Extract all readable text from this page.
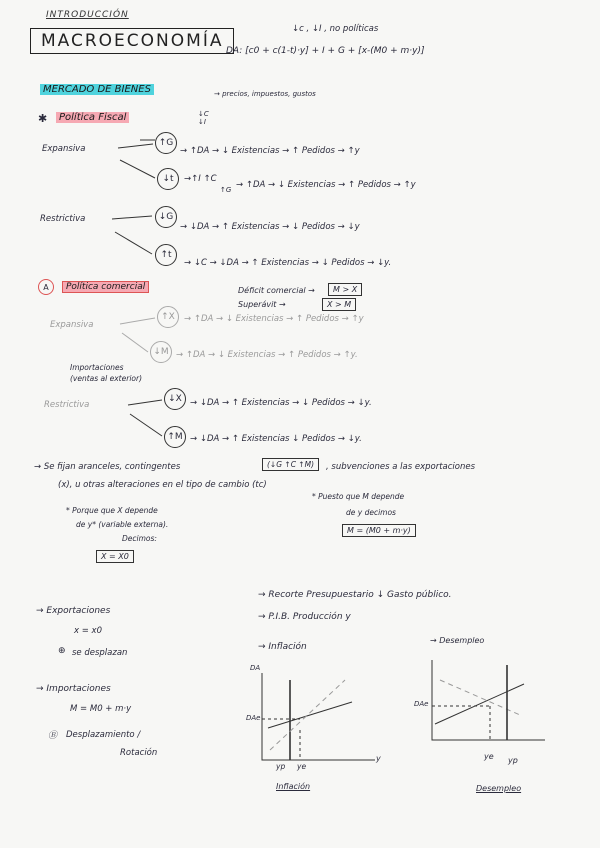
INTRODUCCIÓN
MACROECONOMÍA
↓c , ↓I , no políticas
DA: [c0 + c(1-t)·y] + I + G + [x-(M0 + m·y)]
MERCADO DE BIENES	→ precios, impuestos, gustos
↓C
↓I
✱	Política Fiscal
Expansiva
↑G
→ ↑DA → ↓ Existencias → ↑ Pedidos → ↑y
↓t	→↑I ↑C
↑G → ↑DA → ↓ Existencias → ↑ Pedidos → ↑y
Restrictiva	↓G
→ ↓DA → ↑ Existencias → ↓ Pedidos → ↓y
↑t
→ ↓C → ↓DA → ↑ Existencias → ↓ Pedidos → ↓y.
A	Política comercial	Déficit comercial →	M > X
Superávit →	X > M
Expansiva
↑X	→ ↑DA → ↓ Existencias → ↑ Pedidos → ↑y
↓M → ↑DA → ↓ Existencias → ↑ Pedidos → ↑y.
Importaciones
(ventas al exterior)
Restrictiva
↓X → ↓DA → ↑ Existencias → ↓ Pedidos → ↓y.
↑M → ↓DA → ↑ Existencias ↓ Pedidos → ↓y.
→ Se fijan aranceles, contingentes	(↓G ↑C ↑M)	, subvenciones a las exportaciones
(x), u otras alteraciones en el tipo de cambio (tc)
* Porque que X depende
de y* (variable externa).
Decimos:
X = X0
* Puesto que M depende
de y decimos
M = (M0 + m·y)
→ Exportaciones
x = x0
⊕ se desplazan
→ Importaciones
M = M0 + m·y
Ⓑ Desplazamiento /
Rotación
→ Recorte Presupuestario ↓ Gasto público.
→ P.I.B. Producción y
→ Inflación
→ Desempleo
DA
DAe
y
yp ye
Inflación
DAe
ye yp
Desempleo
